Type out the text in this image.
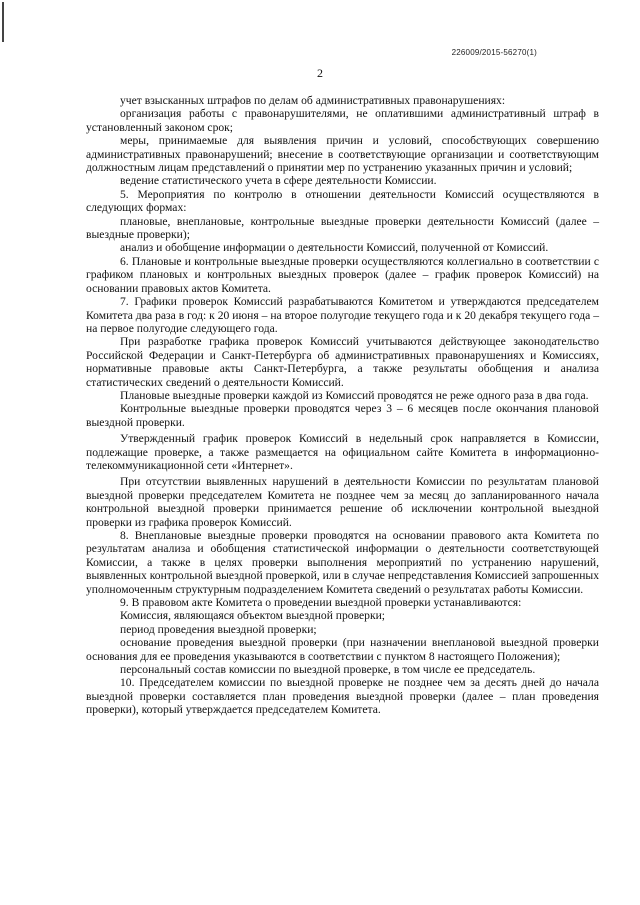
226009/2015-56270(1)
2

учет взысканных штрафов по делам об административных правонарушениях:

организация работы с правонарушителями, не оплатившими административный штраф в установленный законом срок;

меры, принимаемые для выявления причин и условий, способствующих совершению административных правонарушений; внесение в соответствующие организации и соответствующим должностным лицам представлений о принятии мер по устранению указанных причин и условий;

ведение статистического учета в сфере деятельности Комиссии.

5. Мероприятия по контролю в отношении деятельности Комиссий осуществляются в следующих формах:

плановые, внеплановые, контрольные выездные проверки деятельности Комиссий (далее – выездные проверки);

анализ и обобщение информации о деятельности Комиссий, полученной от Комиссий.

6. Плановые и контрольные выездные проверки осуществляются коллегиально в соответствии с графиком плановых и контрольных выездных проверок (далее – график проверок Комиссий) на основании правовых актов Комитета.

7. Графики проверок Комиссий разрабатываются Комитетом и утверждаются председателем Комитета два раза в год: к 20 июня – на второе полугодие текущего года и к 20 декабря текущего года – на первое полугодие следующего года.

При разработке графика проверок Комиссий учитываются действующее законодательство Российской Федерации и Санкт-Петербурга об административных правонарушениях и Комиссиях, нормативные правовые акты Санкт-Петербурга, а также результаты обобщения и анализа статистических сведений о деятельности Комиссий.

Плановые выездные проверки каждой из Комиссий проводятся не реже одного раза в два года.

Контрольные выездные проверки проводятся через 3 – 6 месяцев после окончания плановой выездной проверки.

Утвержденный график проверок Комиссий в недельный срок направляется в Комиссии, подлежащие проверке, а также размещается на официальном сайте Комитета в информационно-телекоммуникационной сети «Интернет».

При отсутствии выявленных нарушений в деятельности Комиссии по результатам плановой выездной проверки председателем Комитета не позднее чем за месяц до запланированного начала контрольной выездной проверки принимается решение об исключении контрольной выездной проверки из графика проверок Комиссий.

8. Внеплановые выездные проверки проводятся на основании правового акта Комитета по результатам анализа и обобщения статистической информации о деятельности соответствующей Комиссии, а также в целях проверки выполнения мероприятий по устранению нарушений, выявленных контрольной выездной проверкой, или в случае непредставления Комиссией запрошенных уполномоченным структурным подразделением Комитета сведений о результатах работы Комиссии.

9. В правовом акте Комитета о проведении выездной проверки устанавливаются:

Комиссия, являющаяся объектом выездной проверки;

период проведения выездной проверки;

основание проведения выездной проверки (при назначении внеплановой выездной проверки основания для ее проведения указываются в соответствии с пунктом 8 настоящего Положения);

персональный состав комиссии по выездной проверке, в том числе ее председатель.

10. Председателем комиссии по выездной проверке не позднее чем за десять дней до начала выездной проверки составляется план проведения выездной проверки (далее – план проведения проверки), который утверждается председателем Комитета.
